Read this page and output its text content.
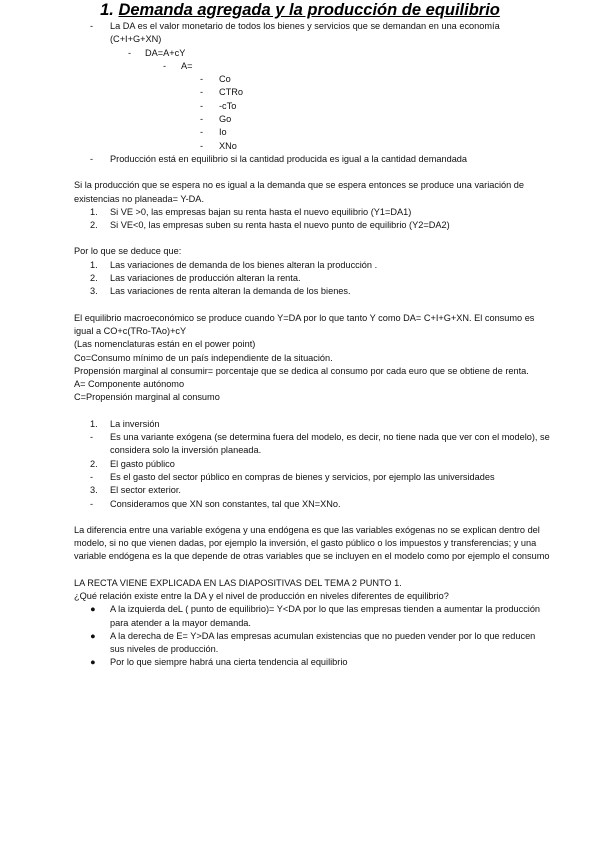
1. Demanda agregada y la producción de equilibrio
-	La DA es el valor monetario de todos los bienes y servicios que se demandan en una economía (C+I+G+XN)
-	DA=A+cY
-	A=
-	Co
-	CTRo
-	-cTo
-	Go
-	Io
-	XNo
-	Producción está en equilibrio si la cantidad producida es igual a la cantidad demandada

Si la producción que se espera no es igual a la demanda que se espera entonces se produce una variación de existencias no planeada= Y-DA.

1.	Si VE >0, las empresas bajan su renta hasta el nuevo equilibrio (Y1=DA1)
2.	Si VE<0, las empresas suben su renta hasta el nuevo punto de equilibrio (Y2=DA2)

Por lo que se deduce que:

1.	Las variaciones de demanda de los bienes alteran la producción .
2.	Las variaciones de producción alteran la renta.
3.	Las variaciones de renta alteran la demanda de los bienes.

El equilibrio macroeconómico se produce cuando Y=DA por lo que tanto Y como DA= C+I+G+XN. El consumo es igual a CO+c(TRo-TAo)+cY

(Las nomenclaturas están en el power point)

Co=Consumo mínimo de un país independiente de la situación.

Propensión marginal al consumir= porcentaje que se dedica al consumo por cada euro que se obtiene de renta.

A= Componente autónomo

C=Propensión marginal al consumo

1.	La inversión
-	Es una variante exógena (se determina fuera del modelo, es decir, no tiene nada que ver con el modelo), se considera solo la inversión planeada.
2.	El gasto público
-	Es el gasto del sector público en compras de bienes y servicios, por ejemplo las universidades
3.	El sector exterior.
-	Consideramos que XN son constantes, tal que XN=XNo.

La diferencia entre una variable exógena y una endógena es que las variables exógenas no se explican dentro del modelo, si no que vienen dadas, por ejemplo la inversión, el gasto público o los impuestos y transferencias; y una variable endógena es la que depende de otras variables que se incluyen en el modelo como por ejemplo el consumo

LA RECTA VIENE EXPLICADA EN LAS DIAPOSITIVAS DEL TEMA 2 PUNTO 1.

¿Qué relación existe entre la DA y el nivel de producción en niveles diferentes de equilibrio?

●	A la izquierda deL ( punto de equilibrio)= Y<DA por lo que las empresas tienden a aumentar la producción para atender a la mayor demanda.
●	A la derecha de E= Y>DA las empresas acumulan existencias que no pueden vender por lo que reducen sus niveles de producción.
●	Por lo que siempre habrá una cierta tendencia al equilibrio
